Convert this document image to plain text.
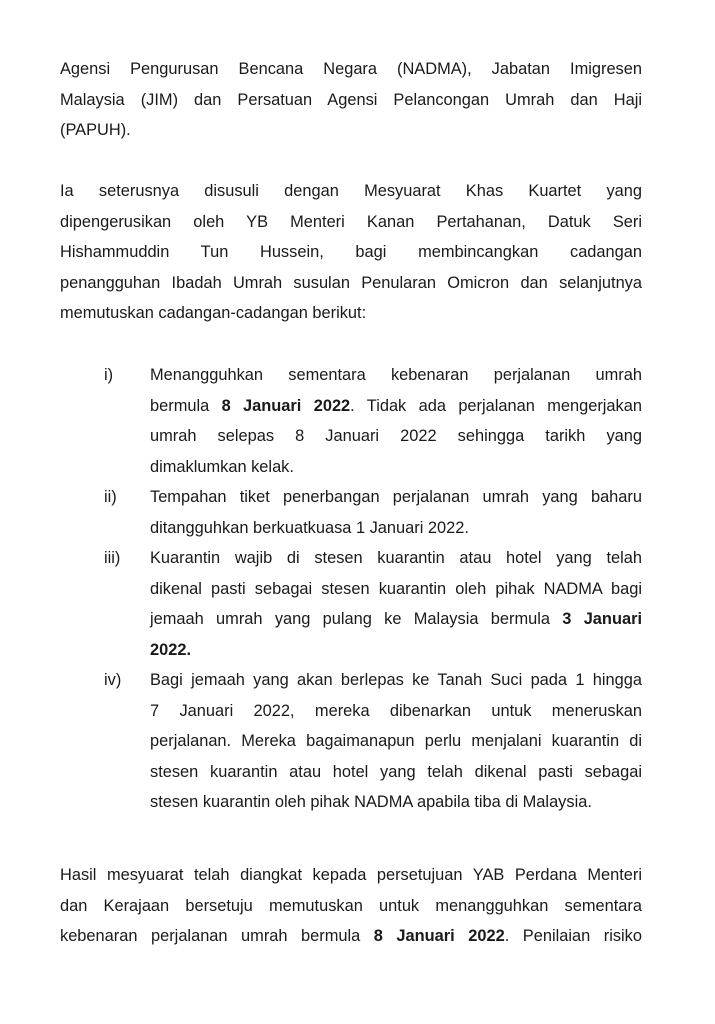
Agensi Pengurusan Bencana Negara (NADMA), Jabatan Imigresen
Malaysia (JIM) dan Persatuan Agensi Pelancongan Umrah dan Haji
(PAPUH).
Ia seterusnya disusuli dengan Mesyuarat Khas Kuartet yang
dipengerusikan oleh YB Menteri Kanan Pertahanan, Datuk Seri
Hishammuddin Tun Hussein, bagi membincangkan cadangan
penangguhan Ibadah Umrah susulan Penularan Omicron dan selanjutnya
memutuskan cadangan-cadangan berikut:
i)	Menangguhkan sementara kebenaran perjalanan umrah
bermula 8 Januari 2022. Tidak ada perjalanan mengerjakan
umrah selepas 8 Januari 2022 sehingga tarikh yang
dimaklumkan kelak.
ii)	Tempahan tiket penerbangan perjalanan umrah yang baharu
ditangguhkan berkuatkuasa 1 Januari 2022.
iii)	Kuarantin wajib di stesen kuarantin atau hotel yang telah
dikenal pasti sebagai stesen kuarantin oleh pihak NADMA bagi
jemaah umrah yang pulang ke Malaysia bermula 3 Januari
2022.
iv)	Bagi jemaah yang akan berlepas ke Tanah Suci pada 1 hingga
7 Januari 2022, mereka dibenarkan untuk meneruskan
perjalanan. Mereka bagaimanapun perlu menjalani kuarantin di
stesen kuarantin atau hotel yang telah dikenal pasti sebagai
stesen kuarantin oleh pihak NADMA apabila tiba di Malaysia.
Hasil mesyuarat telah diangkat kepada persetujuan YAB Perdana Menteri
dan Kerajaan bersetuju memutuskan untuk menangguhkan sementara
kebenaran perjalanan umrah bermula 8 Januari 2022. Penilaian risiko
